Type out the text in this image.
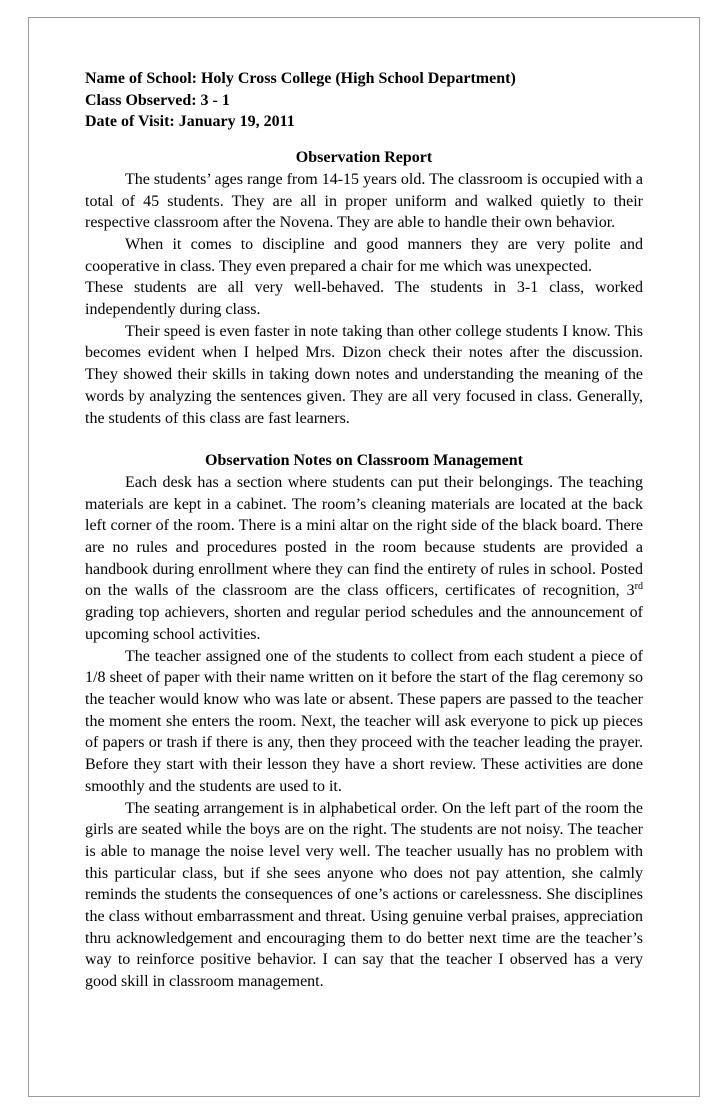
Name of School: Holy Cross College (High School Department)
Class Observed: 3 - 1
Date of Visit: January 19, 2011
Observation Report

The students’ ages range from 14-15 years old. The classroom is occupied with a total of 45 students. They are all in proper uniform and walked quietly to their respective classroom after the Novena. They are able to handle their own behavior.

When it comes to discipline and good manners they are very polite and cooperative in class. They even prepared a chair for me which was unexpected.

These students are all very well-behaved. The students in 3-1 class, worked independently during class.

Their speed is even faster in note taking than other college students I know. This becomes evident when I helped Mrs. Dizon check their notes after the discussion. They showed their skills in taking down notes and understanding the meaning of the words by analyzing the sentences given. They are all very focused in class. Generally, the students of this class are fast learners.

Observation Notes on Classroom Management

Each desk has a section where students can put their belongings. The teaching materials are kept in a cabinet. The room’s cleaning materials are located at the back left corner of the room. There is a mini altar on the right side of the black board. There are no rules and procedures posted in the room because students are provided a handbook during enrollment where they can find the entirety of rules in school. Posted on the walls of the classroom are the class officers, certificates of recognition, 3rd grading top achievers, shorten and regular period schedules and the announcement of upcoming school activities.

The teacher assigned one of the students to collect from each student a piece of 1/8 sheet of paper with their name written on it before the start of the flag ceremony so the teacher would know who was late or absent. These papers are passed to the teacher the moment she enters the room. Next, the teacher will ask everyone to pick up pieces of papers or trash if there is any, then they proceed with the teacher leading the prayer. Before they start with their lesson they have a short review. These activities are done smoothly and the students are used to it.

The seating arrangement is in alphabetical order. On the left part of the room the girls are seated while the boys are on the right. The students are not noisy. The teacher is able to manage the noise level very well. The teacher usually has no problem with this particular class, but if she sees anyone who does not pay attention, she calmly reminds the students the consequences of one’s actions or carelessness. She disciplines the class without embarrassment and threat. Using genuine verbal praises, appreciation thru acknowledgement and encouraging them to do better next time are the teacher’s way to reinforce positive behavior. I can say that the teacher I observed has a very good skill in classroom management.
